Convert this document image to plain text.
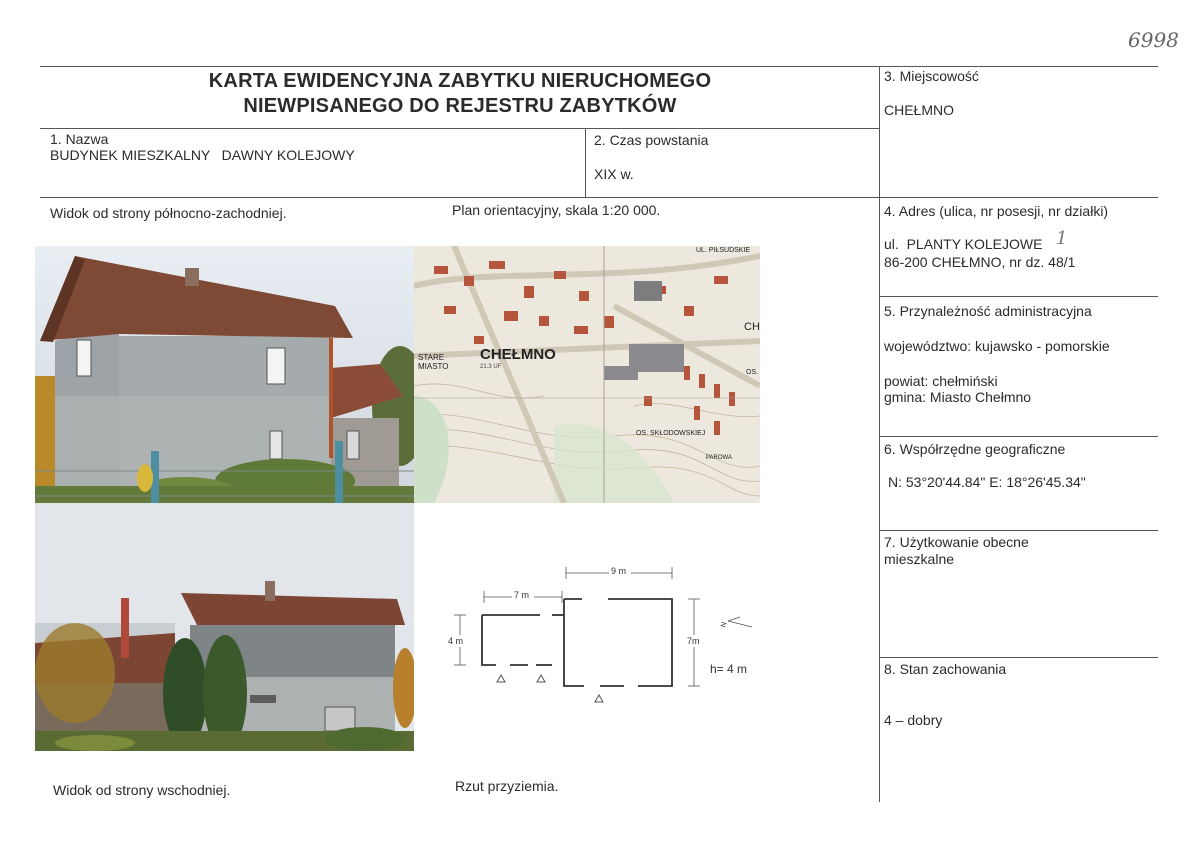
6998
KARTA EWIDENCYJNA ZABYTKU NIERUCHOMEGO
NIEWPISANEGO DO REJESTRU ZABYTKÓW
1. Nazwa
BUDYNEK MIESZKALNY   DAWNY KOLEJOWY
2. Czas powstania
XIX w.
3. Miejscowość
CHEŁMNO
4. Adres (ulica, nr posesji, nr działki)
ul.  PLANTY KOLEJOWE 1
86-200 CHEŁMNO, nr dz. 48/1
5. Przynależność administracyjna
województwo: kujawsko - pomorskie
powiat: chełmiński
gmina: Miasto Chełmno
6. Współrzędne geograficzne
N: 53°20'44.84" E: 18°26'45.34"
7. Użytkowanie obecne
mieszkalne
8. Stan zachowania
4 – dobry
Widok od strony północno-zachodniej.	Plan orientacyjny, skala 1:20 000.
Widok od strony wschodniej.	Rzut przyziemia.
CHEŁMNO
STARE
MIASTO	21.3 UF
OS. SKŁODOWSKIEJ
UL. PIŁSUDSKIE
CH
OS.
PAROWA
9 m
7 m
4 m	7m
h= 4 m
N
